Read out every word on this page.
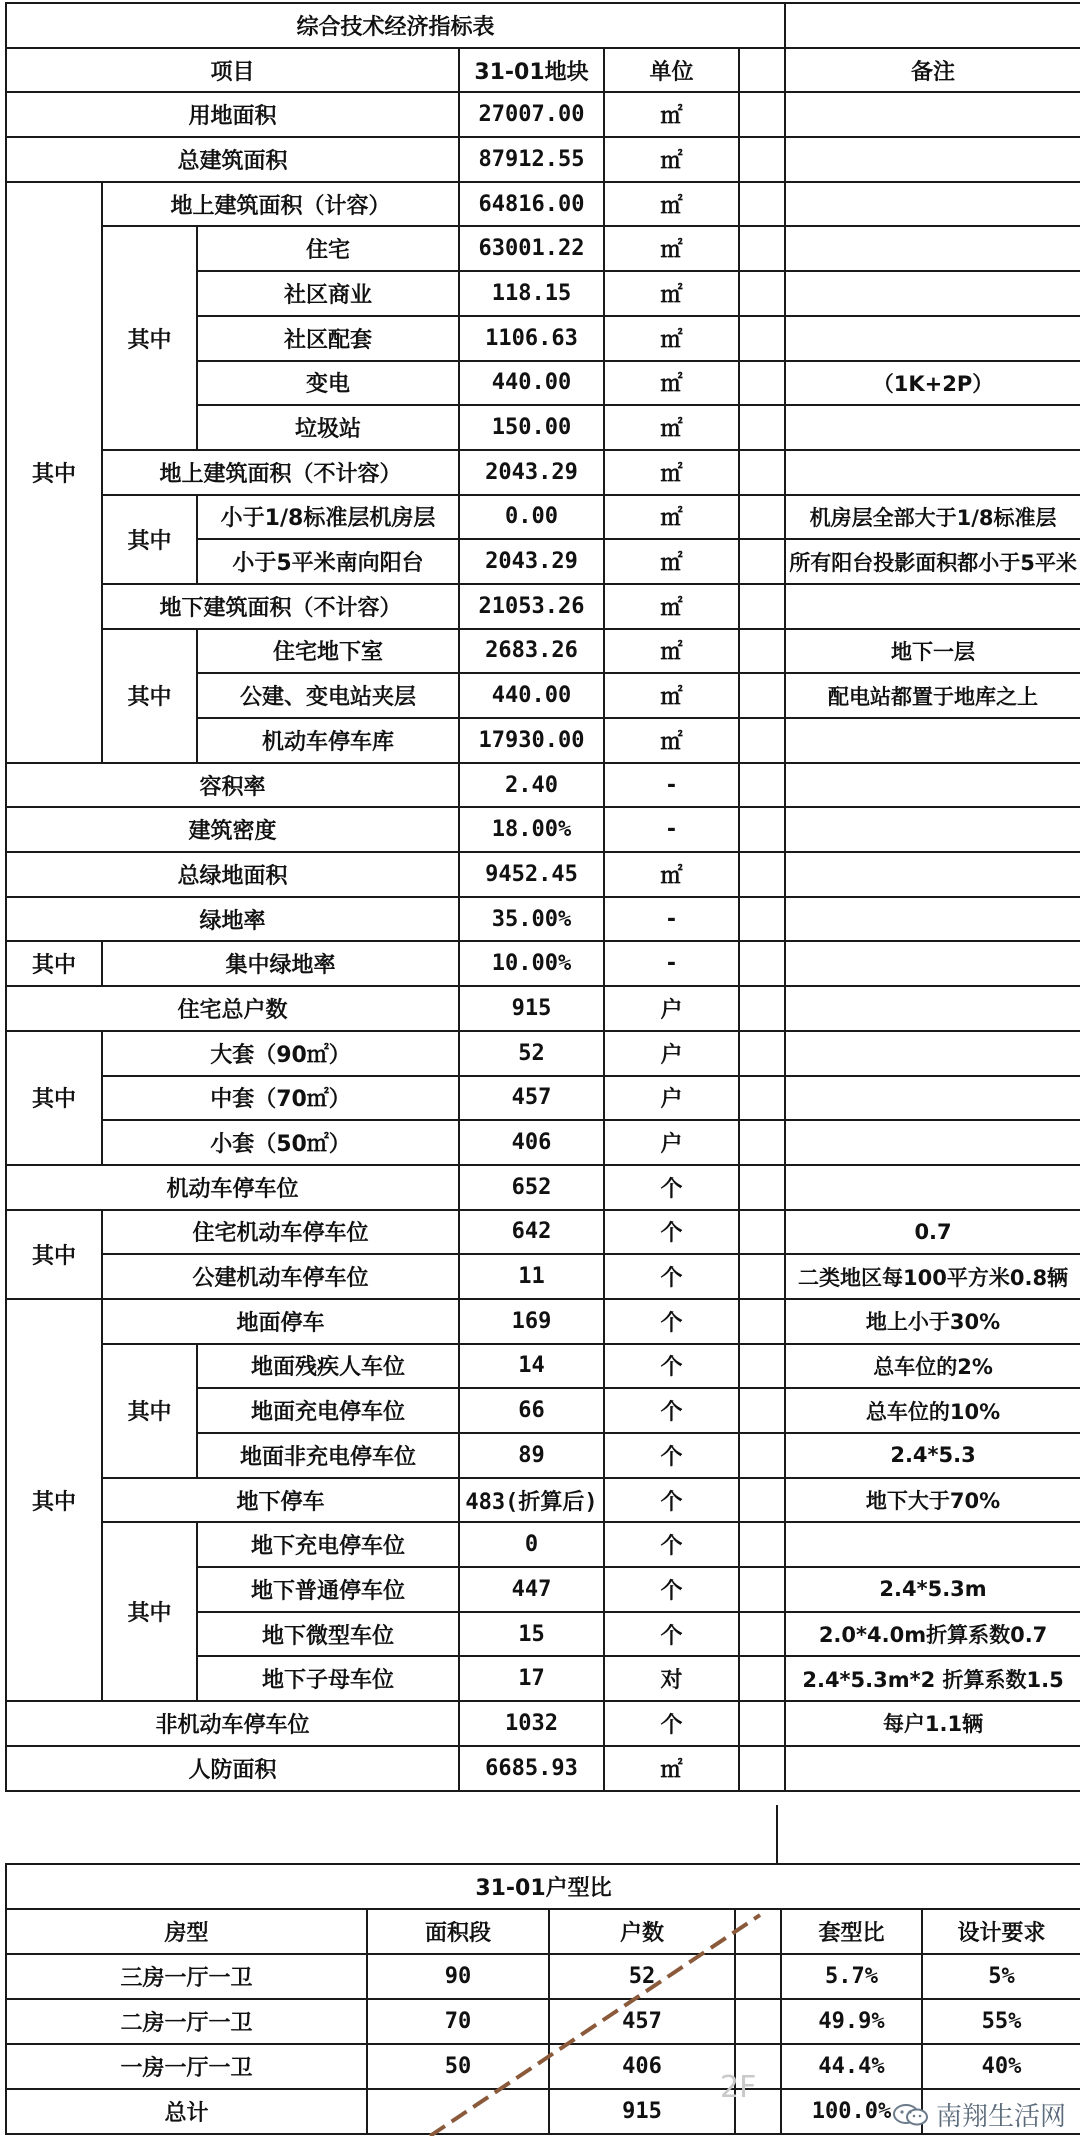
综合技术经济指标表						
项目			31-01地块	单位		备注
用地面积			27007.00	㎡		
总建筑面积			87912.55	㎡		
其中	地上建筑面积（计容）		64816.00	㎡		
	其中	住宅	63001.22	㎡		
		社区商业	118.15	㎡		
		社区配套	1106.63	㎡		
		变电	440.00	㎡		（1K+2P）
		垃圾站	150.00	㎡		
	地上建筑面积（不计容）		2043.29	㎡		
	其中	小于1/8标准层机房层	0.00	㎡		机房层全部大于1/8标准层
		小于5平米南向阳台	2043.29	㎡		所有阳台投影面积都小于5平米
	地下建筑面积（不计容）		21053.26	㎡		
	其中	住宅地下室	2683.26	㎡		地下一层
		公建、变电站夹层	440.00	㎡		配电站都置于地库之上
		机动车停车库	17930.00	㎡		
容积率			2.40	-		
建筑密度			18.00%	-		
总绿地面积			9452.45	㎡		
绿地率			35.00%	-		
其中	集中绿地率		10.00%	-		
住宅总户数			915	户		
其中	大套（90㎡）		52	户		
	中套（70㎡）		457	户		
	小套（50㎡）		406	户		
机动车停车位			652	个		
其中	住宅机动车停车位		642	个		0.7
	公建机动车停车位		11	个		二类地区每100平方米0.8辆
其中	地面停车		169	个		地上小于30%
	其中	地面残疾人车位	14	个		总车位的2%
		地面充电停车位	66	个		总车位的10%
		地面非充电停车位	89	个		2.4*5.3
	地下停车		483(折算后)	个		地下大于70%
	其中	地下充电停车位	0	个		
		地下普通停车位	447	个		2.4*5.3m
		地下微型车位	15	个		2.0*4.0m折算系数0.7
		地下子母车位	17	对		2.4*5.3m*2 折算系数1.5
非机动车停车位			1032	个		每户1.1辆
人防面积			6685.93	㎡		
31-01户型比					
房型	面积段	户数		套型比	设计要求
三房一厅一卫	90	52		5.7%	5%
二房一厅一卫	70	457		49.9%	55%
一房一厅一卫	50	406		44.4%	40%
总计		915		100.0%	
2F
南翔生活网
